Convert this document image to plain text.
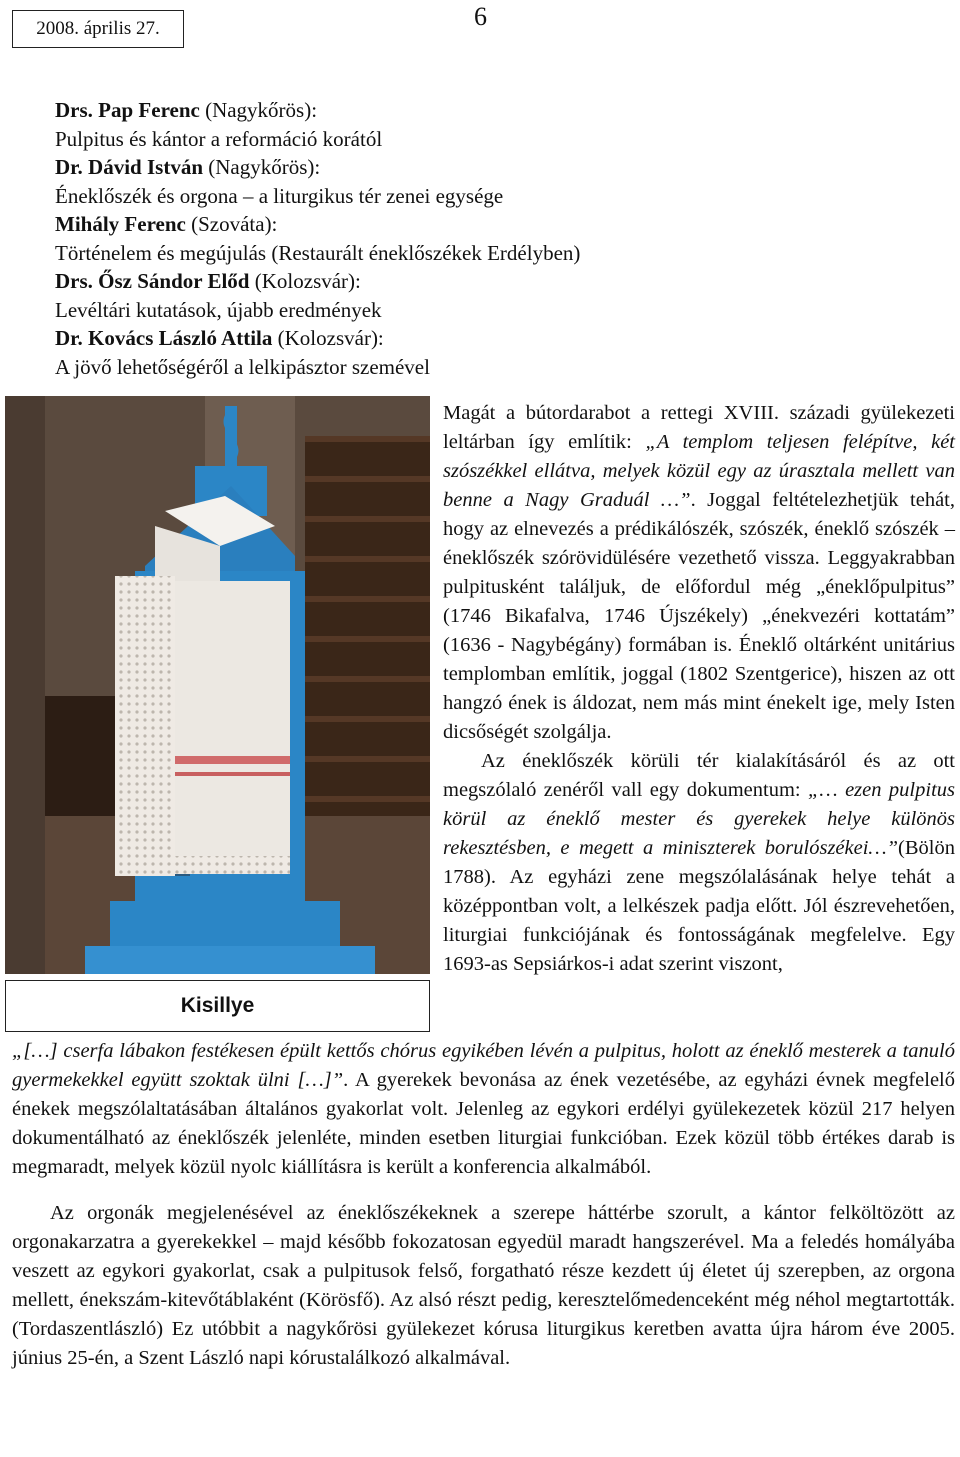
2008. április 27.	6
Drs. Pap Ferenc (Nagykőrös):
Pulpitus és kántor a reformáció korától
Dr. Dávid István (Nagykőrös):
Éneklőszék és orgona – a liturgikus tér zenei egysége
Mihály Ferenc (Szováta):
Történelem és megújulás (Restaurált éneklőszékek Erdélyben)
Drs. Ősz Sándor Előd (Kolozsvár):
Levéltári kutatások, újabb eredmények
Dr. Kovács László Attila (Kolozsvár):
A jövő lehetőségéről a lelkipásztor szemével
Kisillye

Magát a bútordarabot a rettegi XVIII. századi gyülekezeti leltárban így említik: „A templom teljesen felépítve, két szószékkel ellátva, melyek közül egy az úrasztala mellett van benne a Nagy Graduál …”. Joggal feltételezhetjük tehát, hogy az elnevezés a prédikálószék, szószék, éneklő szószék – éneklőszék szórövidülésére vezethető vissza. Leggyakrabban pulpitusként találjuk, de előfordul még „éneklőpulpitus” (1746 Bikafalva, 1746 Újszékely) „énekvezéri kottatám” (1636 - Nagybégány) formában is. Éneklő oltárként unitárius templomban említik, joggal (1802 Szentgerice), hiszen az ott hangzó ének is áldozat, nem más mint énekelt ige, mely Isten dicsőségét szolgálja.

Az éneklőszék körüli tér kialakításáról és az ott megszólaló zenéről vall egy dokumentum: „… ezen pulpitus körül az éneklő mester és gyerekek helye különös rekesztésben, e megett a miniszterek borulószékei…”(Bölön 1788). Az egyházi zene megszólalásának helye tehát a középpontban volt, a lelkészek padja előtt. Jól észrevehetően, liturgiai funkciójának és fontosságának megfelelve. Egy 1693-as Sepsiárkos-i adat szerint viszont,

„[…] cserfa lábakon festékesen épült kettős chórus egyikében lévén a pulpitus, holott az éneklő mesterek a tanuló gyermekekkel együtt szoktak ülni […]”. A gyerekek bevonása az ének vezetésébe, az egyházi évnek megfelelő énekek megszólaltatásában általános gyakorlat volt. Jelenleg az egykori erdélyi gyülekezetek közül 217 helyen dokumentálható az éneklőszék jelenléte, minden esetben liturgiai funkcióban. Ezek közül több értékes darab is megmaradt, melyek közül nyolc kiállításra is került a konferencia alkalmából.

Az orgonák megjelenésével az éneklőszékeknek a szerepe háttérbe szorult, a kántor felköltözött az orgonakarzatra a gyerekekkel – majd később fokozatosan egyedül maradt hangszerével. Ma a feledés homályába veszett az egykori gyakorlat, csak a pulpitusok felső, forgatható része kezdett új életet új szerepben, az orgona mellett, énekszám-kitevőtáblaként (Körösfő). Az alsó részt pedig, keresztelőmedenceként még néhol megtartották. (Tordaszentlászló) Ez utóbbit a nagykőrösi gyülekezet kórusa liturgikus keretben avatta újra három éve 2005. június 25-én, a Szent László napi kórustalálkozó alkalmával.
